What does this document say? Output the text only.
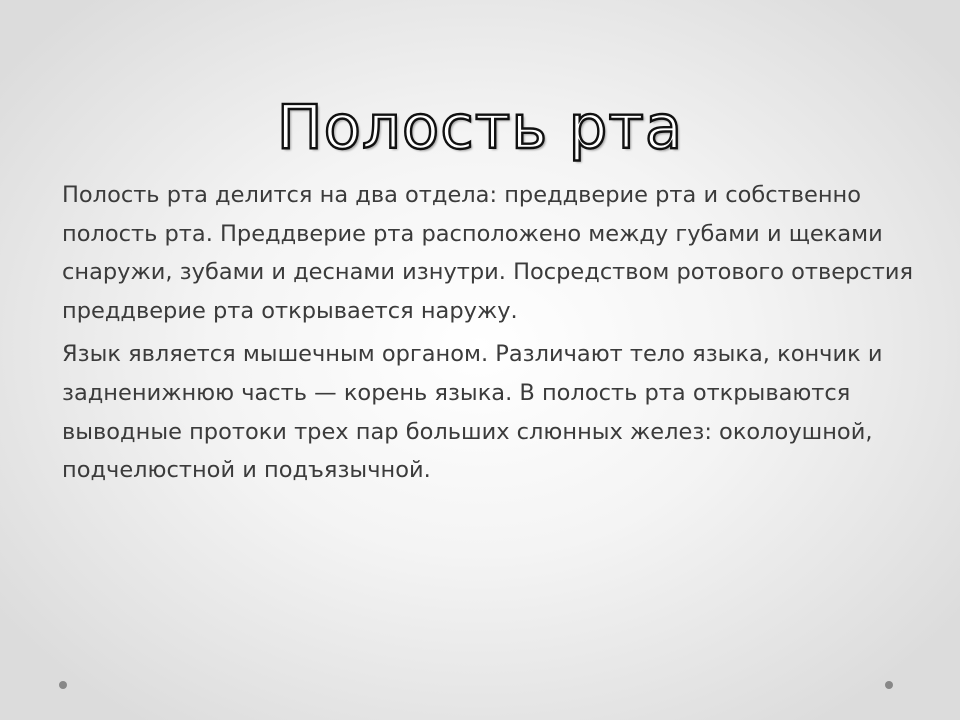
Полость рта

Полость рта делится на два отдела: преддверие рта и собственно полость рта. Преддверие рта расположено между губами и щеками снаружи, зубами и деснами изнутри. Посредством ротового отверстия преддверие рта открывается наружу.

Язык является мышечным органом. Различают тело языка, кончик и задненижнюю часть — корень языка. В полость рта открываются выводные протоки трех пар больших слюнных желез: околоушной, подчелюстной и подъязычной.
